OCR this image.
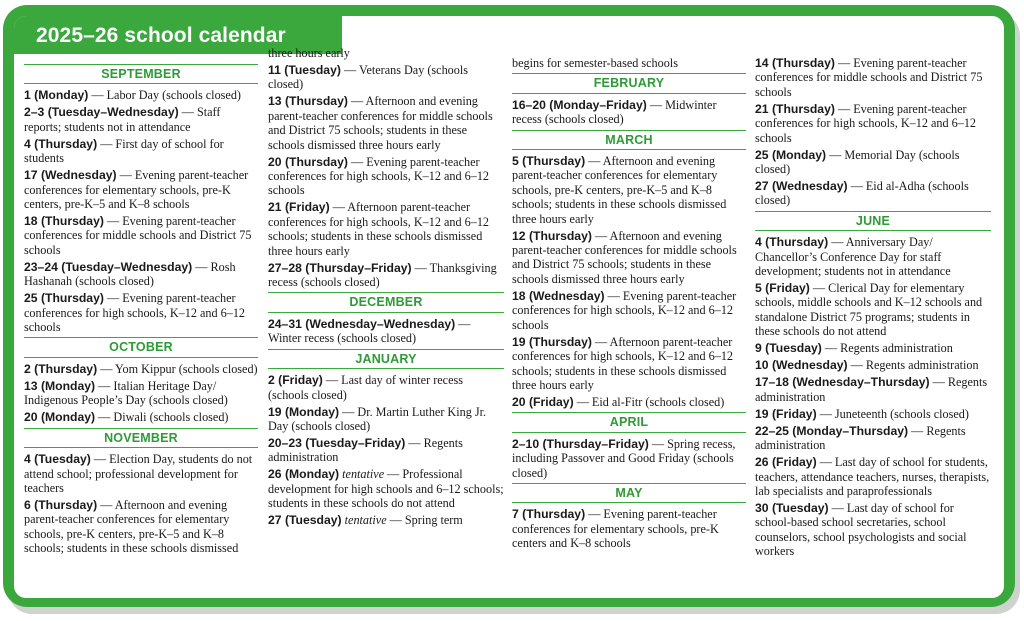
2025–26 school calendar
SEPTEMBER
1 (Monday) — Labor Day (schools closed)
2–3 (Tuesday–Wednesday) — Staff reports; students not in attendance
4 (Thursday) — First day of school for students
17 (Wednesday) — Evening parent-teacher conferences for elementary schools, pre-K centers, pre-K–5 and K–8 schools
18 (Thursday) — Evening parent-teacher conferences for middle schools and District 75 schools
23–24 (Tuesday–Wednesday) — Rosh Hashanah (schools closed)
25 (Thursday) — Evening parent-teacher conferences for high schools, K–12 and 6–12 schools
OCTOBER
2 (Thursday) — Yom Kippur (schools closed)
13 (Monday) — Italian Heritage Day/ Indigenous People’s Day (schools closed)
20 (Monday) — Diwali (schools closed)
NOVEMBER
4 (Tuesday) — Election Day, students do not attend school; professional development for teachers
6 (Thursday) — Afternoon and evening parent-teacher conferences for elementary schools, pre-K centers, pre-K–5 and K–8 schools; students in these schools dismissed
three hours early
11 (Tuesday) — Veterans Day (schools closed)
13 (Thursday) — Afternoon and evening parent-teacher conferences for middle schools and District 75 schools; students in these schools dismissed three hours early
20 (Thursday) — Evening parent-teacher conferences for high schools, K–12 and 6–12 schools
21 (Friday) — Afternoon parent-teacher conferences for high schools, K–12 and 6–12 schools; students in these schools dismissed three hours early
27–28 (Thursday–Friday) — Thanksgiving recess (schools closed)
DECEMBER
24–31 (Wednesday–Wednesday) — Winter recess (schools closed)
JANUARY
2 (Friday) — Last day of winter recess (schools closed)
19 (Monday) — Dr. Martin Luther King Jr. Day (schools closed)
20–23 (Tuesday–Friday) — Regents administration
26 (Monday) tentative — Professional development for high schools and 6–12 schools; students in these schools do not attend
27 (Tuesday) tentative — Spring term
begins for semester-based schools
FEBRUARY
16–20 (Monday–Friday) — Midwinter recess (schools closed)
MARCH
5 (Thursday) — Afternoon and evening parent-teacher conferences for elementary schools, pre-K centers, pre-K–5 and K–8 schools; students in these schools dismissed three hours early
12 (Thursday) — Afternoon and evening parent-teacher conferences for middle schools and District 75 schools; students in these schools dismissed three hours early
18 (Wednesday) — Evening parent-teacher conferences for high schools, K–12 and 6–12 schools
19 (Thursday) — Afternoon parent-teacher conferences for high schools, K–12 and 6–12 schools; students in these schools dismissed three hours early
20 (Friday) — Eid al-Fitr (schools closed)
APRIL
2–10 (Thursday–Friday) — Spring recess, including Passover and Good Friday (schools closed)
MAY
7 (Thursday) — Evening parent-teacher conferences for elementary schools, pre-K centers and K–8 schools
14 (Thursday) — Evening parent-teacher conferences for middle schools and District 75 schools
21 (Thursday) — Evening parent-teacher conferences for high schools, K–12 and 6–12 schools
25 (Monday) — Memorial Day (schools closed)
27 (Wednesday) — Eid al-Adha (schools closed)
JUNE
4 (Thursday) — Anniversary Day/ Chancellor’s Conference Day for staff development; students not in attendance
5 (Friday) — Clerical Day for elementary schools, middle schools and K–12 schools and standalone District 75 programs; students in these schools do not attend
9 (Tuesday) — Regents administration
10 (Wednesday) — Regents administration
17–18 (Wednesday–Thursday) — Regents administration
19 (Friday) — Juneteenth (schools closed)
22–25 (Monday–Thursday) — Regents administration
26 (Friday) — Last day of school for students, teachers, attendance teachers, nurses, therapists, lab specialists and paraprofessionals
30 (Tuesday) — Last day of school for school-based school secretaries, school counselors, school psychologists and social workers
